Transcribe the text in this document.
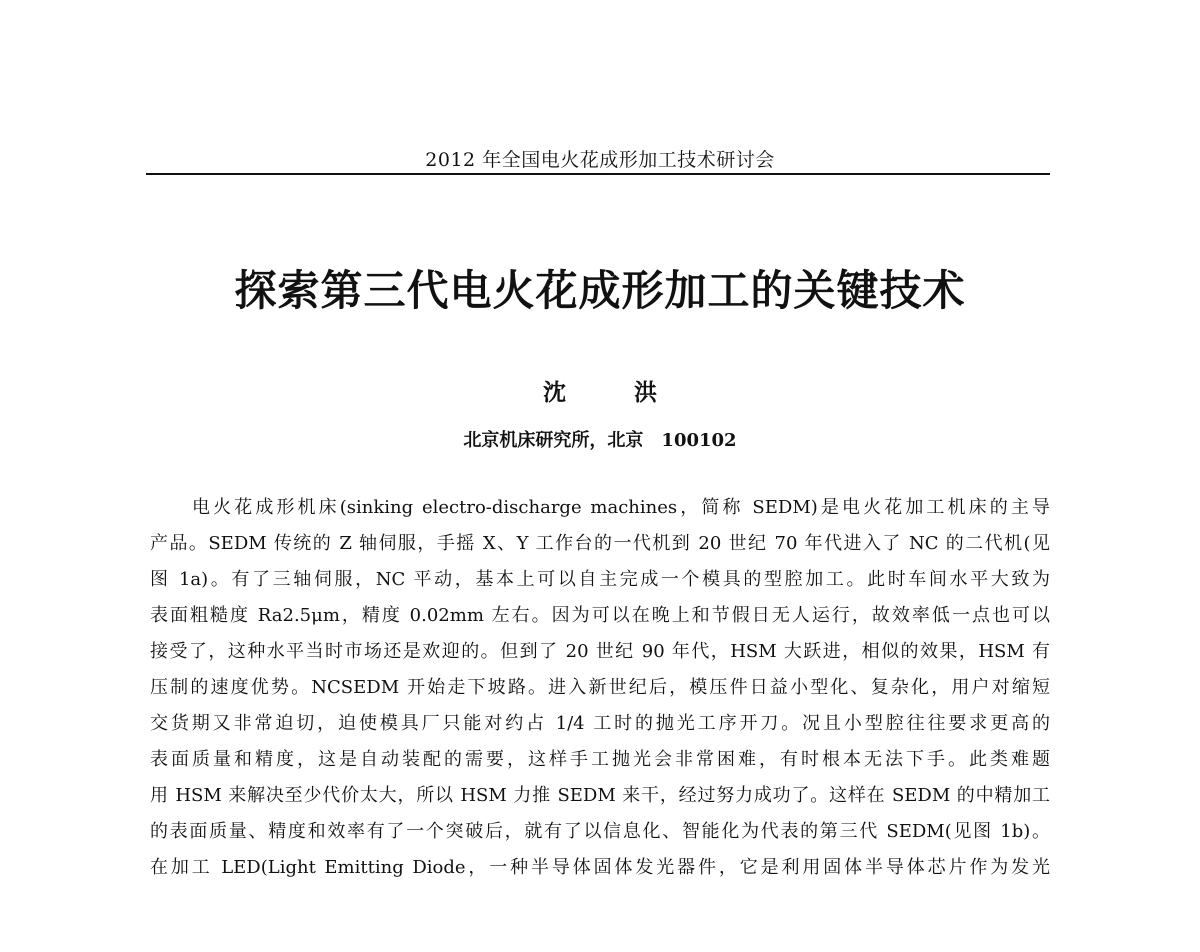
2012 年全国电火花成形加工技术研讨会
探索第三代电火花成形加工的关键技术
沈 洪
北京机床研究所，北京　100102
电火花成形机床(sinking electro-discharge machines，简称 SEDM)是电火花加工机床的主导
产品。SEDM 传统的 Z 轴伺服，手摇 X、Y 工作台的一代机到 20 世纪 70 年代进入了 NC 的二代机(见
图 1a)。有了三轴伺服，NC 平动，基本上可以自主完成一个模具的型腔加工。此时车间水平大致为
表面粗糙度 Ra2.5μm，精度 0.02mm 左右。因为可以在晚上和节假日无人运行，故效率低一点也可以
接受了，这种水平当时市场还是欢迎的。但到了 20 世纪 90 年代，HSM 大跃进，相似的效果，HSM 有
压制的速度优势。NCSEDM 开始走下坡路。进入新世纪后，模压件日益小型化、复杂化，用户对缩短
交货期又非常迫切，迫使模具厂只能对约占 1/4 工时的抛光工序开刀。况且小型腔往往要求更高的
表面质量和精度，这是自动装配的需要，这样手工抛光会非常困难，有时根本无法下手。此类难题
用 HSM 来解决至少代价太大，所以 HSM 力推 SEDM 来干，经过努力成功了。这样在 SEDM 的中精加工
的表面质量、精度和效率有了一个突破后，就有了以信息化、智能化为代表的第三代 SEDM(见图 1b)。
在加工 LED(Light Emitting Diode，一种半导体固体发光器件，它是利用固体半导体芯片作为发光
